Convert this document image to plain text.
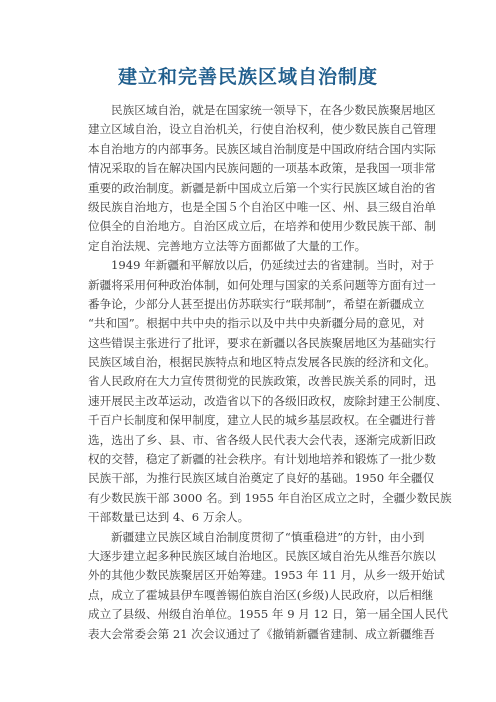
建立和完善民族区域自治制度
民族区域自治，就是在国家统一领导下，在各少数民族聚居地区
建立区域自治，设立自治机关，行使自治权利，使少数民族自己管理
本自治地方的内部事务。民族区域自治制度是中国政府结合国内实际
情况采取的旨在解决国内民族问题的一项基本政策，是我国一项非常
重要的政治制度。新疆是新中国成立后第一个实行民族区域自治的省
级民族自治地方，也是全国５个自治区中唯一区、州、县三级自治单
位俱全的自治地方。自治区成立后，在培养和使用少数民族干部、制
定自治法规、完善地方立法等方面都做了大量的工作。
1949 年新疆和平解放以后，仍延续过去的省建制。当时，对于
新疆将采用何种政治体制，如何处理与国家的关系问题等方面有过一
番争论，少部分人甚至提出仿苏联实行“联邦制”，希望在新疆成立
“共和国”。根据中共中央的指示以及中共中央新疆分局的意见，对
这些错误主张进行了批评，要求在新疆以各民族聚居地区为基础实行
民族区域自治，根据民族特点和地区特点发展各民族的经济和文化。
省人民政府在大力宣传贯彻党的民族政策，改善民族关系的同时，迅
速开展民主改革运动，改造省以下的各级旧政权，废除封建王公制度、
千百户长制度和保甲制度，建立人民的城乡基层政权。在全疆进行普
选，选出了乡、县、市、省各级人民代表大会代表，逐渐完成新旧政
权的交替，稳定了新疆的社会秩序。有计划地培养和锻炼了一批少数
民族干部，为推行民族区域自治奠定了良好的基础。1950 年全疆仅
有少数民族干部 3000 名。到 1955 年自治区成立之时，全疆少数民族
干部数量已达到 4、6 万余人。
新疆建立民族区域自治制度贯彻了“慎重稳进”的方针，由小到
大逐步建立起多种民族区域自治地区。民族区域自治先从维吾尔族以
外的其他少数民族聚居区开始筹建。1953 年 11 月，从乡一级开始试
点，成立了霍城县伊车嘎善锡伯族自治区(乡级)人民政府，以后相继
成立了县级、州级自治单位。1955 年 9 月 12 日，第一届全国人民代
表大会常委会第 21 次会议通过了《撤销新疆省建制、成立新疆维吾
